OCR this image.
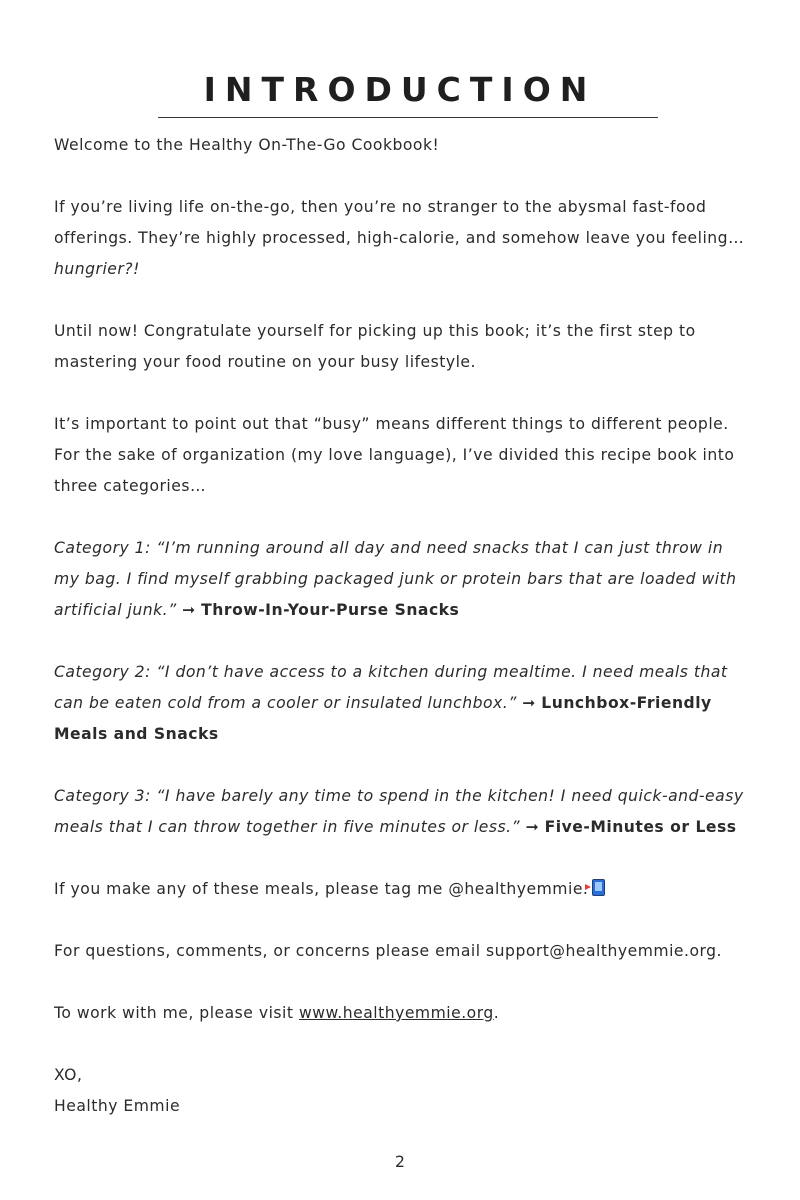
INTRODUCTION

Welcome to the Healthy On-The-Go Cookbook!

If you’re living life on-the-go, then you’re no stranger to the abysmal fast-food offerings. They’re highly processed, high-calorie, and somehow leave you feeling… hungrier?!

Until now! Congratulate yourself for picking up this book; it’s the first step to mastering your food routine on your busy lifestyle.

It’s important to point out that “busy” means different things to different people. For the sake of organization (my love language), I’ve divided this recipe book into three categories…

Category 1: “I’m running around all day and need snacks that I can just throw in my bag. I find myself grabbing packaged junk or protein bars that are loaded with artificial junk.” ➞ Throw-In-Your-Purse Snacks

Category 2: “I don’t have access to a kitchen during mealtime. I need meals that can be eaten cold from a cooler or insulated lunchbox.” ➞ Lunchbox-Friendly Meals and Snacks

Category 3: “I have barely any time to spend in the kitchen! I need quick-and-easy meals that I can throw together in five minutes or less.” ➞ Five-Minutes or Less

If you make any of these meals, please tag me @healthyemmie.

For questions, comments, or concerns please email support@healthyemmie.org.

To work with me, please visit www.healthyemmie.org.

XO,

Healthy Emmie

2
